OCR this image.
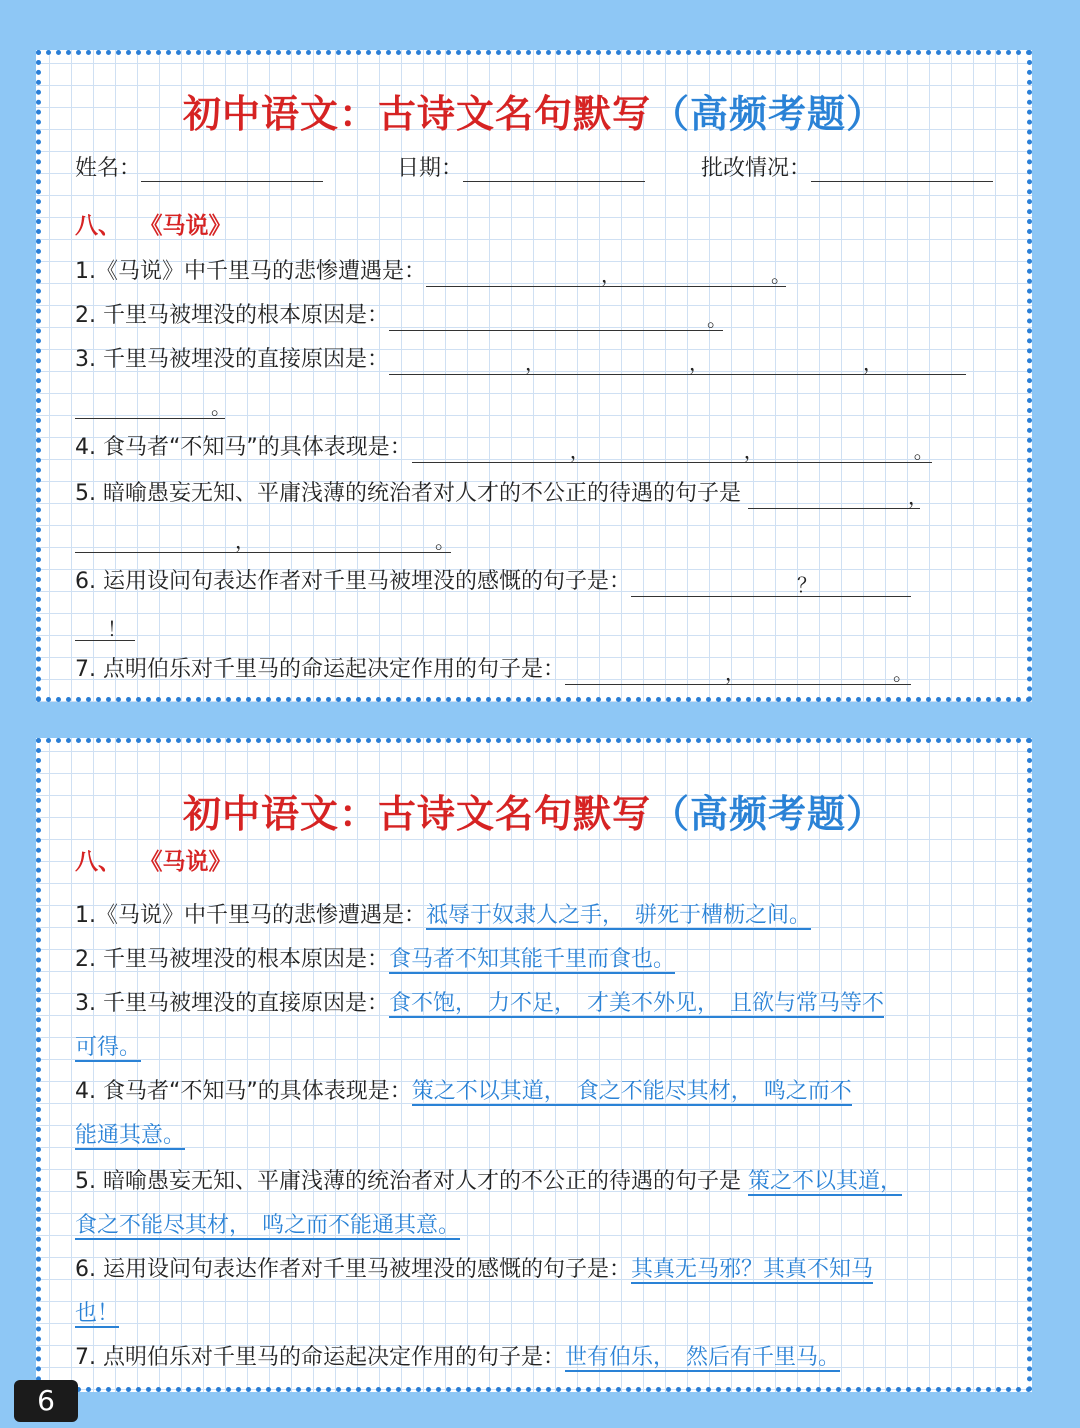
初中语文：古诗文名句默写（高频考题）
姓名：	日期：	批改情况：
八、 《马说》
1.《马说》中千里马的悲惨遭遇是：	，	。
2. 千里马被埋没的根本原因是：	。
3. 千里马被埋没的直接原因是：	，	，	，
。
4. 食马者“不知马”的具体表现是：	，	，	。
5. 暗喻愚妄无知、平庸浅薄的统治者对人才的不公正的待遇的句子是	，
，	。
6. 运用设问句表达作者对千里马被埋没的感慨的句子是：	？
！
7. 点明伯乐对千里马的命运起决定作用的句子是：	，	。
初中语文：古诗文名句默写（高频考题）
八、 《马说》
1.《马说》中千里马的悲惨遭遇是：祗辱于奴隶人之手，　骈死于槽枥之间。
2. 千里马被埋没的根本原因是：食马者不知其能千里而食也。
3. 千里马被埋没的直接原因是：食不饱，　力不足，　才美不外见，　且欲与常马等不
可得。
4. 食马者“不知马”的具体表现是：策之不以其道，　食之不能尽其材，　鸣之而不
能通其意。
5. 暗喻愚妄无知、平庸浅薄的统治者对人才的不公正的待遇的句子是 策之不以其道，
食之不能尽其材，　鸣之而不能通其意。
6. 运用设问句表达作者对千里马被埋没的感慨的句子是：其真无马邪？其真不知马
也！
7. 点明伯乐对千里马的命运起决定作用的句子是：世有伯乐，　然后有千里马。
6
